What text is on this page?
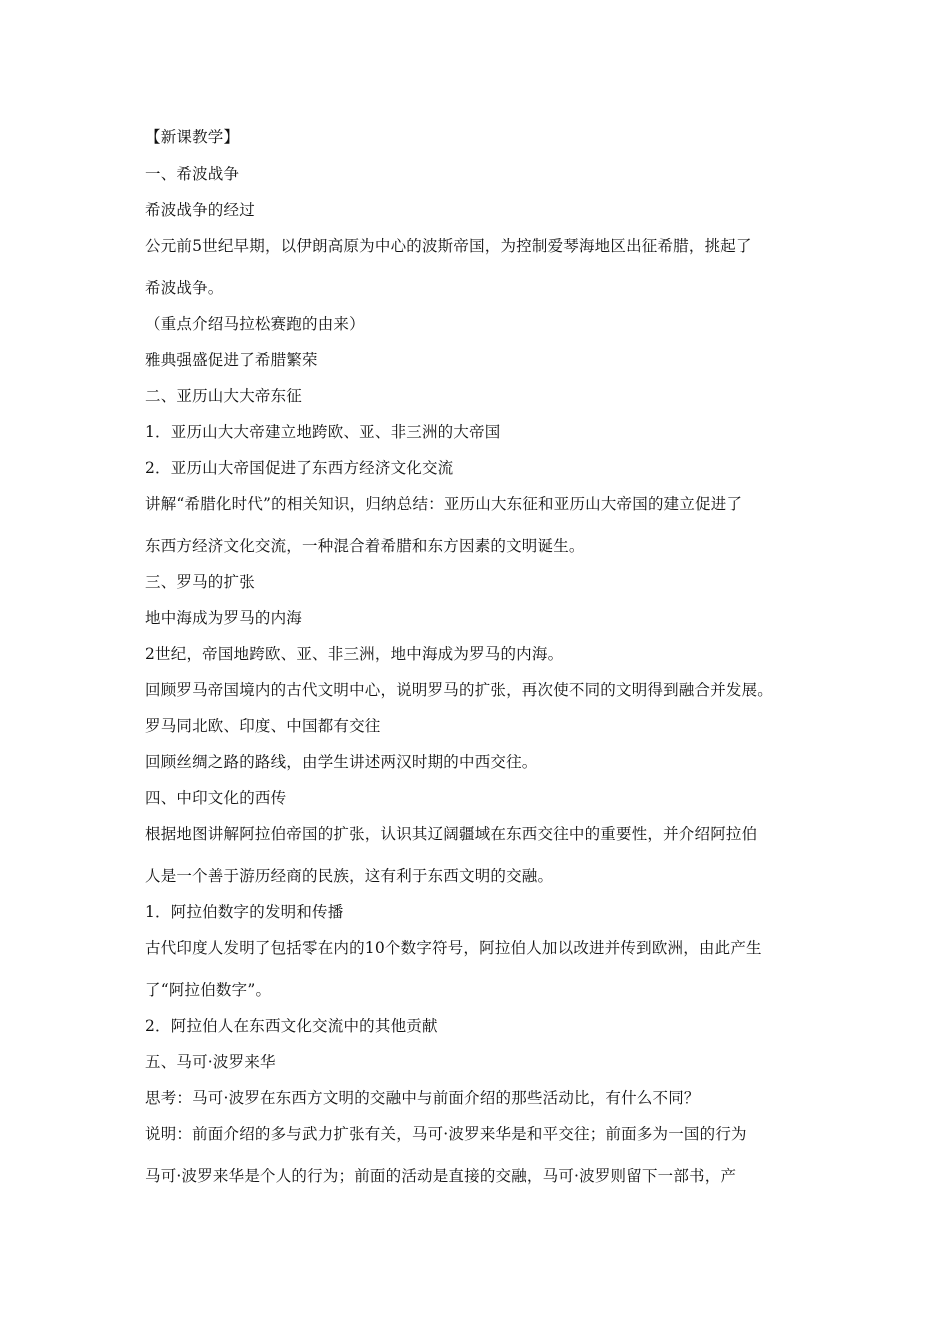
【新课教学】
一、希波战争
希波战争的经过
公元前5世纪早期，以伊朗高原为中心的波斯帝国，为控制爱琴海地区出征希腊，挑起了
希波战争。
（重点介绍马拉松赛跑的由来）
雅典强盛促进了希腊繁荣
二、亚历山大大帝东征
1．亚历山大大帝建立地跨欧、亚、非三洲的大帝国
2．亚历山大帝国促进了东西方经济文化交流
讲解“希腊化时代”的相关知识，归纳总结：亚历山大东征和亚历山大帝国的建立促进了
东西方经济文化交流，一种混合着希腊和东方因素的文明诞生。
三、罗马的扩张
地中海成为罗马的内海
2世纪，帝国地跨欧、亚、非三洲，地中海成为罗马的内海。
回顾罗马帝国境内的古代文明中心，说明罗马的扩张，再次使不同的文明得到融合并发展。
罗马同北欧、印度、中国都有交往
回顾丝绸之路的路线，由学生讲述两汉时期的中西交往。
四、中印文化的西传
根据地图讲解阿拉伯帝国的扩张，认识其辽阔疆域在东西交往中的重要性，并介绍阿拉伯
人是一个善于游历经商的民族，这有利于东西文明的交融。
1．阿拉伯数字的发明和传播
古代印度人发明了包括零在内的10个数字符号，阿拉伯人加以改进并传到欧洲，由此产生
了“阿拉伯数字”。
2．阿拉伯人在东西文化交流中的其他贡献
五、马可·波罗来华
思考：马可·波罗在东西方文明的交融中与前面介绍的那些活动比，有什么不同？
说明：前面介绍的多与武力扩张有关，马可·波罗来华是和平交往；前面多为一国的行为
马可·波罗来华是个人的行为；前面的活动是直接的交融，马可·波罗则留下一部书，产
